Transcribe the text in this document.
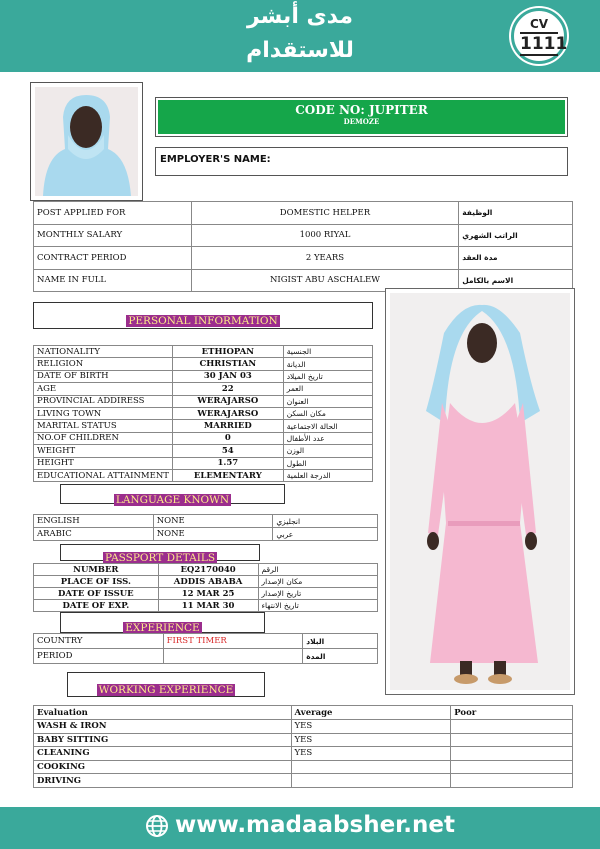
مدى أبشر
للاستقدام
CV
1111
CODE NO: JUPITER
DEMOZE
EMPLOYER'S NAME:
POST APPLIED FOR	DOMESTIC HELPER	الوظيفة
MONTHLY SALARY	1000 RIYAL	الراتب الشهري
CONTRACT PERIOD	2 YEARS	مدة العقد
NAME IN FULL	NIGIST ABU ASCHALEW	الاسم بالكامل
PERSONAL INFORMATION
NATIONALITY	ETHIOPAN	الجنسية
RELIGION	CHRISTIAN	الديانة
DATE OF BIRTH	30 JAN 03	تاريخ الميلاد
AGE	22	العمر
PROVINCIAL ADDIRESS	WERAJARSO	العنوان
LIVING TOWN	WERAJARSO	مكان السكن
MARITAL STATUS	MARRIED	الحالة الاجتماعية
NO.OF CHILDREN	0	عدد الأطفال
WEIGHT	54	الوزن
HEIGHT	1.57	الطول
EDUCATIONAL ATTAINMENT	ELEMENTARY	الدرجة العلمية
LANGUAGE KNOWN
ENGLISH	NONE	انجليزي
ARABIC	NONE	عربي
PASSPORT DETAILS
NUMBER	EQ2170040	الرقم
PLACE OF ISS.	ADDIS ABABA	مكان الإصدار
DATE OF ISSUE	12 MAR 25	تاريخ الإصدار
DATE OF EXP.	11 MAR 30	تاريخ الانتهاء
EXPERIENCE
COUNTRY	FIRST TIMER	البلاد
PERIOD		المدة
WORKING EXPERIENCE
Evaluation	Average	Poor
WASH & IRON	YES	
BABY SITTING	YES	
CLEANING	YES	
COOKING		
DRIVING		
www.madaabsher.net
